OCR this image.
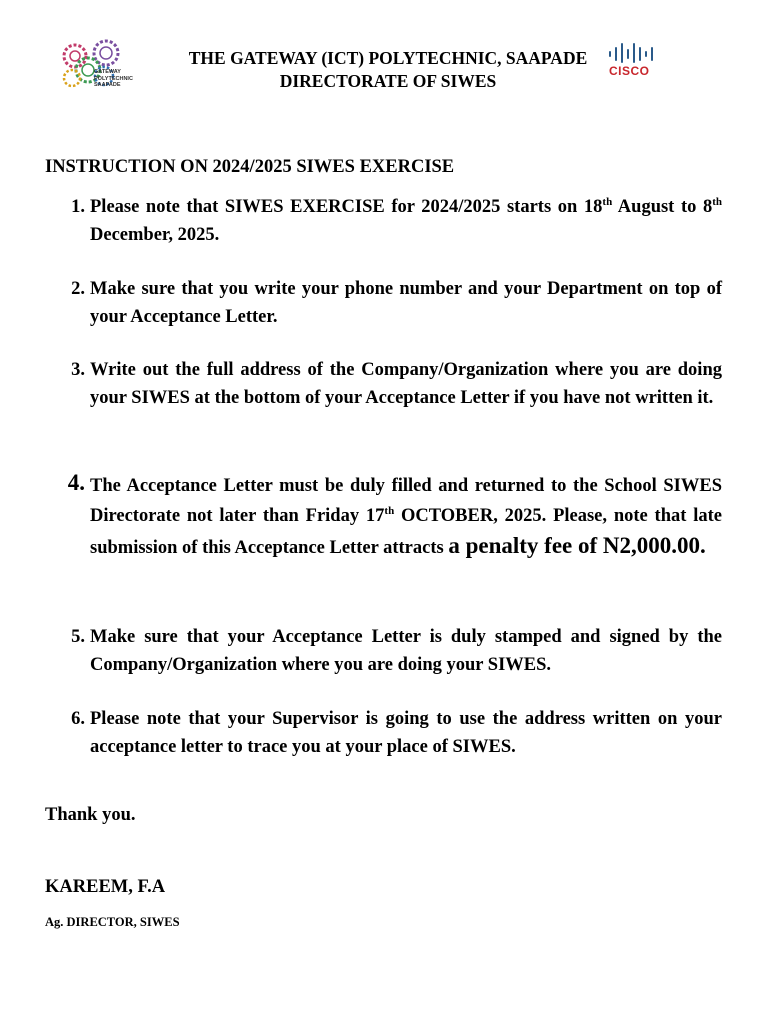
GATEWAY
POLYTECHNIC
SAAPADE
CISCO
THE GATEWAY (ICT) POLYTECHNIC, SAAPADE
DIRECTORATE OF SIWES
INSTRUCTION ON 2024/2025 SIWES EXERCISE
1. Please note that SIWES EXERCISE for 2024/2025 starts on 18th August to 8th December, 2025.
2. Make sure that you write your phone number and your Department on top of your Acceptance Letter.
3. Write out the full address of the Company/Organization where you are doing your SIWES at the bottom of your Acceptance Letter if you have not written it.
4. The Acceptance Letter must be duly filled and returned to the School SIWES Directorate not later than Friday 17th OCTOBER, 2025. Please, note that late submission of this Acceptance Letter attracts a penalty fee of N2,000.00.
5. Make sure that your Acceptance Letter is duly stamped and signed by the Company/Organization where you are doing your SIWES.
6. Please note that your Supervisor is going to use the address written on your acceptance letter to trace you at your place of SIWES.
Thank you.
KAREEM, F.A
Ag. DIRECTOR, SIWES
